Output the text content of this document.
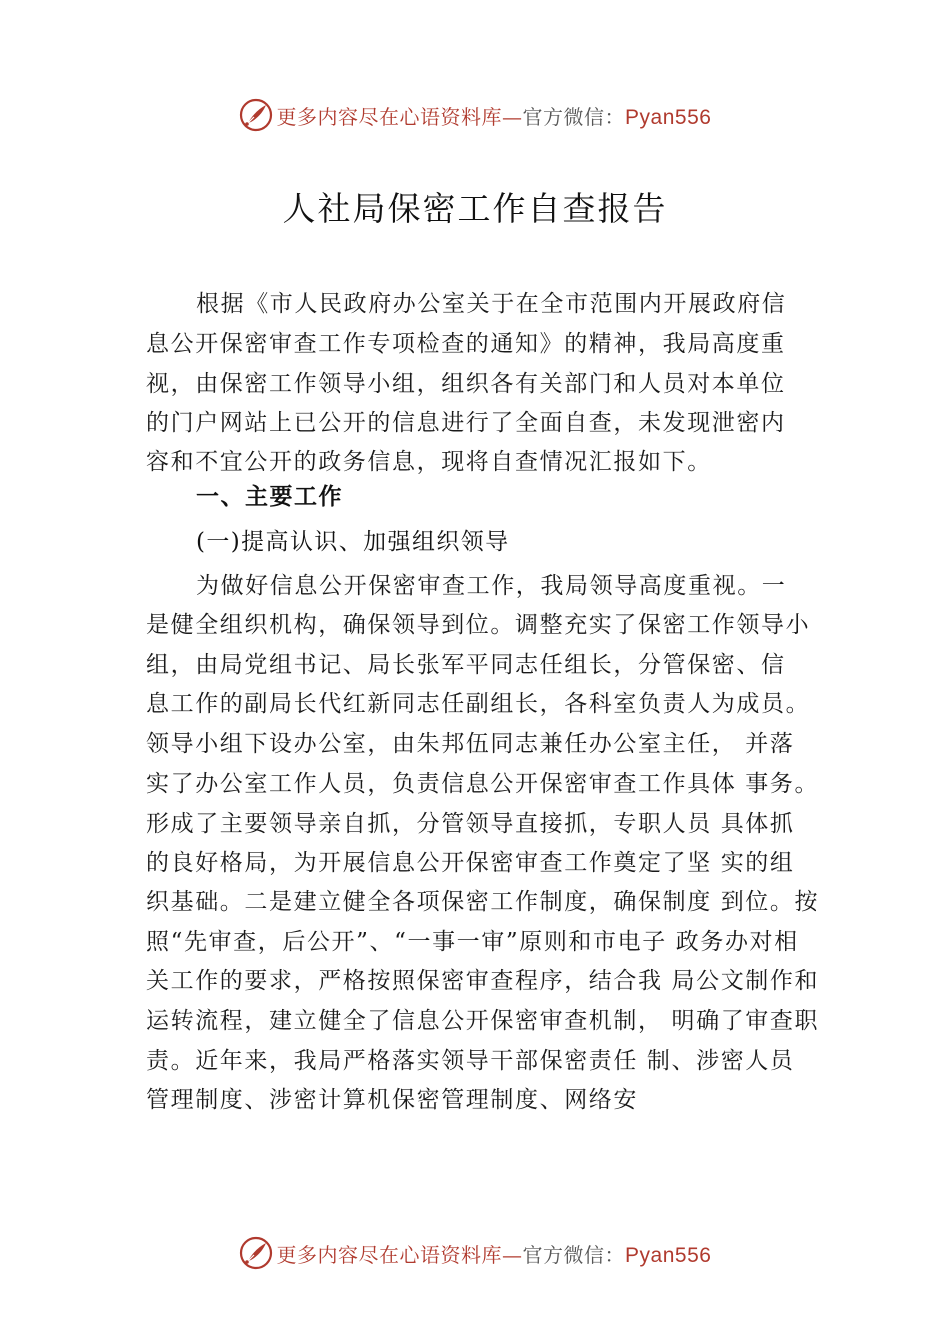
更多内容尽在心语资料库—官方微信：Pyan556
人社局保密工作自查报告
根据《市人民政府办公室关于在全市范围内开展政府信
息公开保密审查工作专项检查的通知》的精神，我局高度重
视，由保密工作领导小组，组织各有关部门和人员对本单位
的门户网站上已公开的信息进行了全面自查，未发现泄密内
容和不宜公开的政务信息，现将自查情况汇报如下。
一、主要工作
(一)提高认识、加强组织领导
为做好信息公开保密审查工作，我局领导高度重视。一
是健全组织机构，确保领导到位。调整充实了保密工作领导小
组，由局党组书记、局长张军平同志任组长，分管保密、信
息工作的副局长代红新同志任副组长，各科室负责人为成员。
领导小组下设办公室，由朱邦伍同志兼任办公室主任， 并落
实了办公室工作人员，负责信息公开保密审查工作具体 事务。
形成了主要领导亲自抓，分管领导直接抓，专职人员 具体抓
的良好格局，为开展信息公开保密审查工作奠定了坚 实的组
织基础。二是建立健全各项保密工作制度，确保制度 到位。按
照“先审查，后公开”、“一事一审”原则和市电子 政务办对相
关工作的要求，严格按照保密审查程序，结合我 局公文制作和
运转流程，建立健全了信息公开保密审查机制， 明确了审查职
责。近年来，我局严格落实领导干部保密责任 制、涉密人员
管理制度、涉密计算机保密管理制度、网络安
更多内容尽在心语资料库—官方微信：Pyan556
